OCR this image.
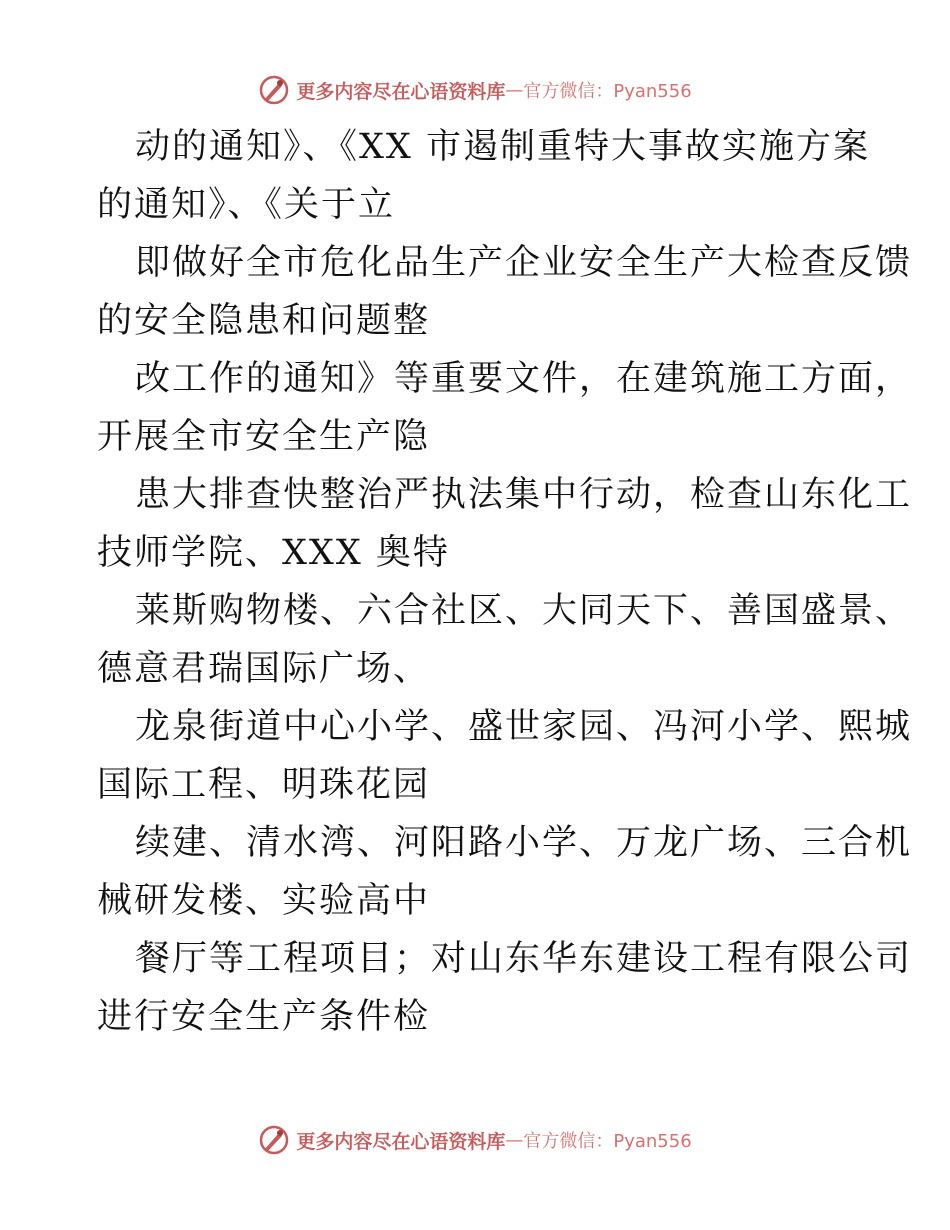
更多内容尽在心语资料库 — 官方微信：Pyan556
动的通知》、《XX 市遏制重特大事故实施方案
的通知》、《关于立
即做好全市危化品生产企业安全生产大检查反馈
的安全隐患和问题整
改工作的通知》等重要文件，在建筑施工方面，
开展全市安全生产隐
患大排查快整治严执法集中行动，检查山东化工
技师学院、XXX 奥特
莱斯购物楼、六合社区、大同天下、善国盛景、
德意君瑞国际广场、
龙泉街道中心小学、盛世家园、冯河小学、熙城
国际工程、明珠花园
续建、清水湾、河阳路小学、万龙广场、三合机
械研发楼、实验高中
餐厅等工程项目；对山东华东建设工程有限公司
进行安全生产条件检
更多内容尽在心语资料库 — 官方微信：Pyan556
